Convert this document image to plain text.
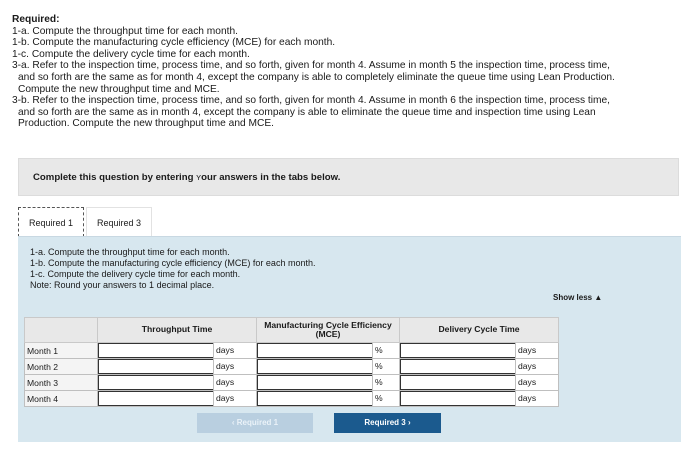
Required:
1-a. Compute the throughput time for each month.
1-b. Compute the manufacturing cycle efficiency (MCE) for each month.
1-c. Compute the delivery cycle time for each month.
3-a. Refer to the inspection time, process time, and so forth, given for month 4. Assume in month 5 the inspection time, process time,
and so forth are the same as for month 4, except the company is able to completely eliminate the queue time using Lean Production.
Compute the new throughput time and MCE.
3-b. Refer to the inspection time, process time, and so forth, given for month 4. Assume in month 6 the inspection time, process time,
and so forth are the same as in month 4, except the company is able to eliminate the queue time and inspection time using Lean
Production. Compute the new throughput time and MCE.
Complete this question by entering ʏour answers in the tabs below.
Required 1	Required 3
1-a. Compute the throughput time for each month.
1-b. Compute the manufacturing cycle efficiency (MCE) for each month.
1-c. Compute the delivery cycle time for each month.
Note: Round your answers to 1 decimal place.
Show less ▲
	Throughput Time	Manufacturing Cycle Efficiency (MCE)	Delivery Cycle Time
Month 1	days	%	days

Month 2	days	%	days

Month 3	days	%	days

Month 4	days	%	days
‹ Required 1	Required 3 ›
